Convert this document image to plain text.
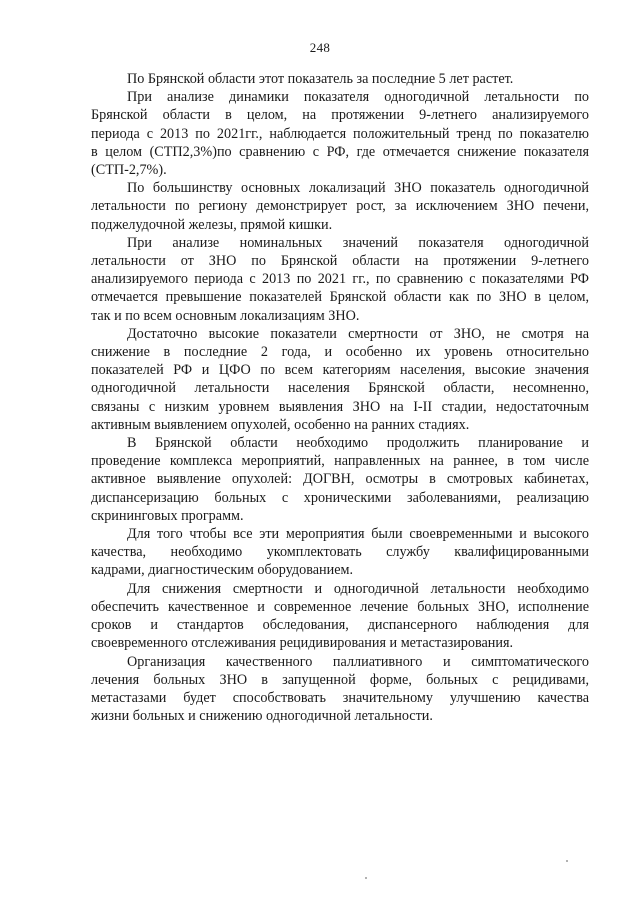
248
По Брянской области этот показатель за последние 5 лет растет.
При анализе динамики показателя одногодичной летальности по
Брянской области в целом, на протяжении 9-летнего анализируемого
периода с 2013 по 2021гг., наблюдается положительный тренд по показателю
в целом (СТП2,3%)по сравнению с РФ, где отмечается снижение показателя
(СТП-2,7%).
По большинству основных локализаций ЗНО показатель одногодичной
летальности по региону демонстрирует рост, за исключением ЗНО печени,
поджелудочной железы, прямой кишки.
При анализе номинальных значений показателя одногодичной
летальности от ЗНО по Брянской области на протяжении 9-летнего
анализируемого периода с 2013 по 2021 гг., по сравнению с показателями РФ
отмечается превышение показателей Брянской области как по ЗНО в целом,
так и по всем основным локализациям ЗНО.
Достаточно высокие показатели смертности от ЗНО, не смотря на
снижение в последние 2 года, и особенно их уровень относительно
показателей РФ и ЦФО по всем категориям населения, высокие значения
одногодичной летальности населения Брянской области, несомненно,
связаны с низким уровнем выявления ЗНО на I-II стадии, недостаточным
активным выявлением опухолей, особенно на ранних стадиях.
В Брянской области необходимо продолжить планирование и
проведение комплекса мероприятий, направленных на раннее, в том числе
активное выявление опухолей: ДОГВН, осмотры в смотровых кабинетах,
диспансеризацию больных с хроническими заболеваниями, реализацию
скрининговых программ.
Для того чтобы все эти мероприятия были своевременными и высокого
качества, необходимо укомплектовать службу квалифицированными
кадрами, диагностическим оборудованием.
Для снижения смертности и одногодичной летальности необходимо
обеспечить качественное и современное лечение больных ЗНО, исполнение
сроков и стандартов обследования, диспансерного наблюдения для
своевременного отслеживания рецидивирования и метастазирования.
Организация качественного паллиативного и симптоматического
лечения больных ЗНО в запущенной форме, больных с рецидивами,
метастазами будет способствовать значительному улучшению качества
жизни больных и снижению одногодичной летальности.
